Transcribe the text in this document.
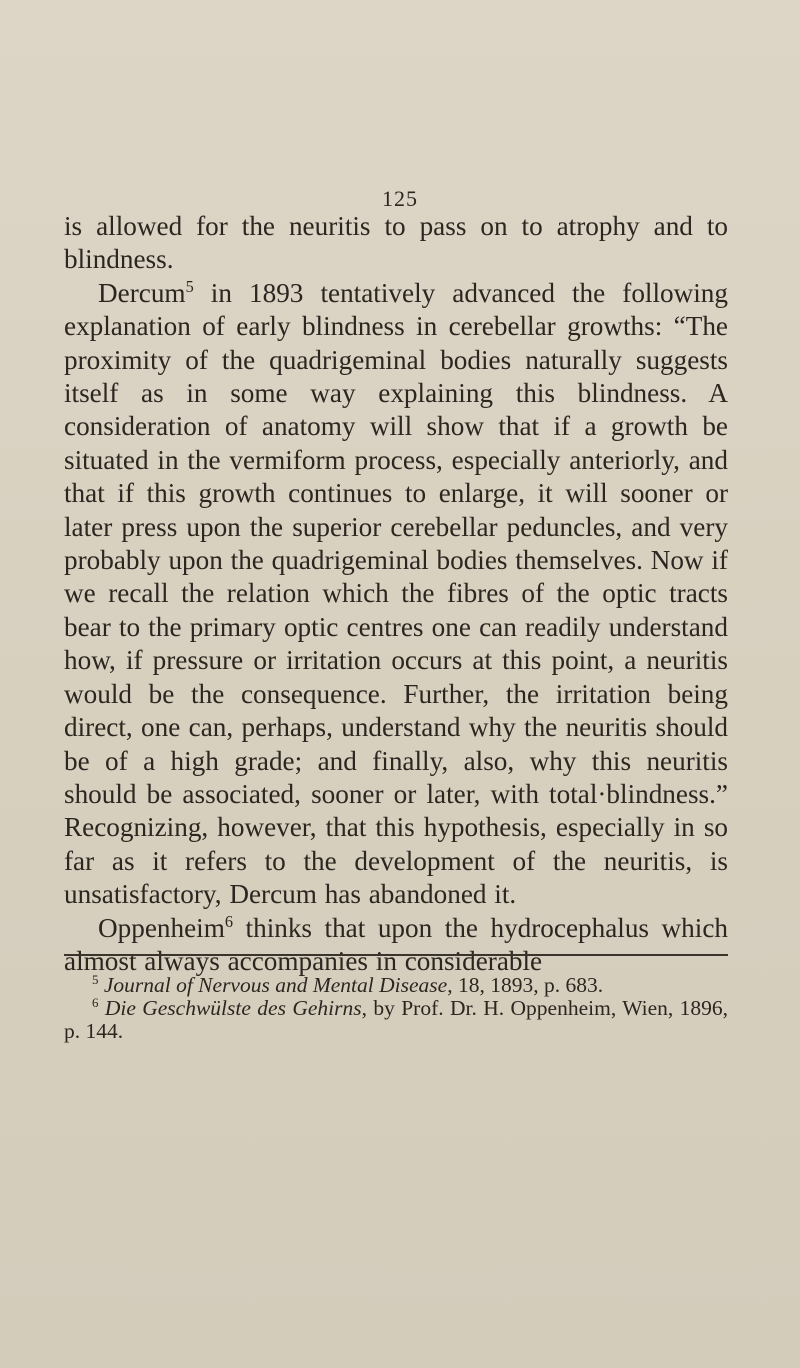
125

is allowed for the neuritis to pass on to atrophy and to blindness.

Dercum$^5$ in 1893 tentatively advanced the following explanation of early blindness in cerebellar growths: “The proximity of the quadrigeminal bodies naturally suggests itself as in some way explaining this blindness. A consideration of anatomy will show that if a growth be situated in the vermiform process, especially anteriorly, and that if this growth continues to enlarge, it will sooner or later press upon the superior cerebellar peduncles, and very probably upon the quadrigeminal bodies themselves. Now if we recall the relation which the fibres of the optic tracts bear to the primary optic centres one can readily understand how, if pressure or irritation occurs at this point, a neuritis would be the consequence. Further, the irritation being direct, one can, perhaps, understand why the neuritis should be of a high grade; and finally, also, why this neuritis should be associated, sooner or later, with total·blindness.” Recognizing, however, that this hypothesis, especially in so far as it refers to the development of the neuritis, is unsatisfactory, Dercum has abandoned it.

Oppenheim$^6$ thinks that upon the hydrocephalus which almost always accompanies in considerable

$^5$ Journal of Nervous and Mental Disease, 18, 1893, p. 683.

$^6$ Die Geschwülste des Gehirns, by Prof. Dr. H. Oppenheim, Wien, 1896, p. 144.
